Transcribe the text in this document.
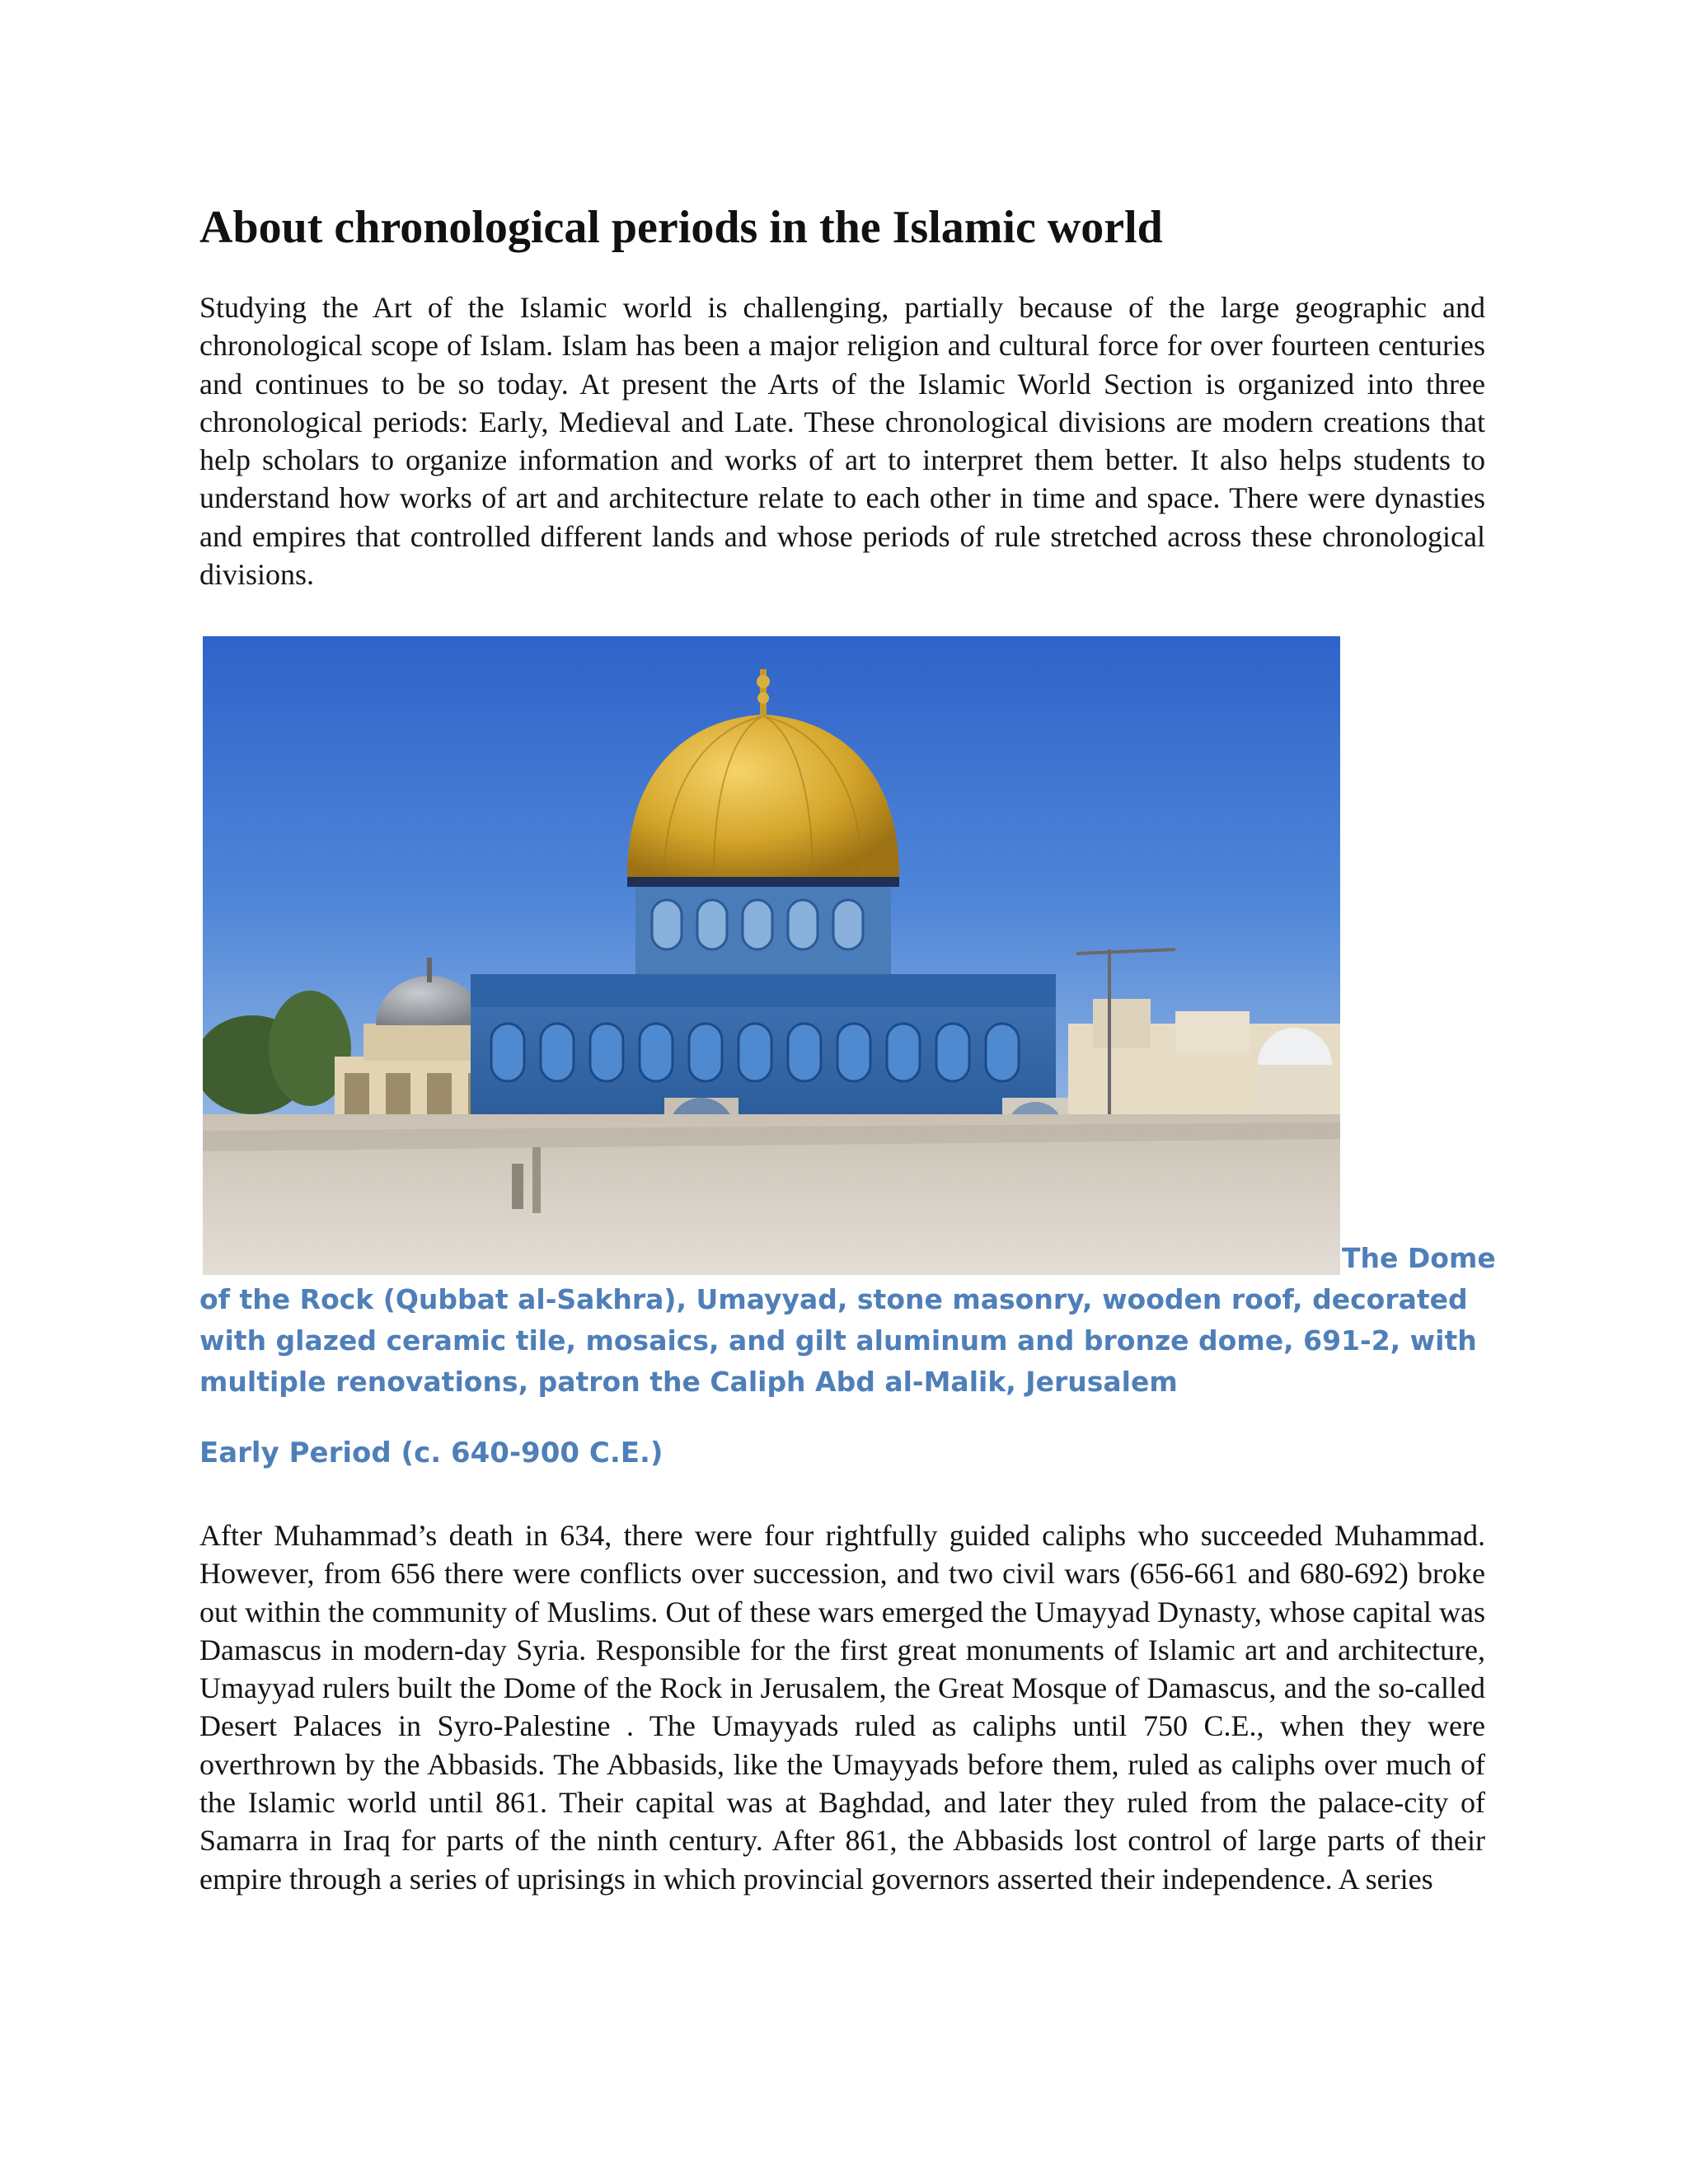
About chronological periods in the Islamic world

Studying the Art of the Islamic world is challenging, partially because of the large geographic and chronological scope of Islam. Islam has been a major religion and cultural force for over fourteen centuries and continues to be so today. At present the Arts of the Islamic World Section is organized into three chronological periods: Early, Medieval and Late. These chronological divisions are modern creations that help scholars to organize information and works of art to interpret them better. It also helps students to understand how works of art and architecture relate to each other in time and space. There were dynasties and empires that controlled different lands and whose periods of rule stretched across these chronological divisions.

The Dome
of the Rock (Qubbat al-Sakhra), Umayyad, stone masonry, wooden roof, decorated with glazed ceramic tile, mosaics, and gilt aluminum and bronze dome, 691-2, with multiple renovations, patron the Caliph Abd al-Malik, Jerusalem
Early Period (c. 640-900 C.E.)

After Muhammad’s death in 634, there were four rightfully guided caliphs who succeeded Muhammad. However, from 656 there were conflicts over succession, and two civil wars (656-661 and 680-692) broke out within the community of Muslims. Out of these wars emerged the Umayyad Dynasty, whose capital was Damascus in modern-day Syria. Responsible for the first great monuments of Islamic art and architecture, Umayyad rulers built the Dome of the Rock in Jerusalem, the Great Mosque of Damascus, and the so-called Desert Palaces in Syro-Palestine . The Umayyads ruled as caliphs until 750 C.E., when they were overthrown by the Abbasids. The Abbasids, like the Umayyads before them, ruled as caliphs over much of the Islamic world until 861. Their capital was at Baghdad, and later they ruled from the palace-city of Samarra in Iraq for parts of the ninth century. After 861, the Abbasids lost control of large parts of their empire through a series of uprisings in which provincial governors asserted their independence. A series
